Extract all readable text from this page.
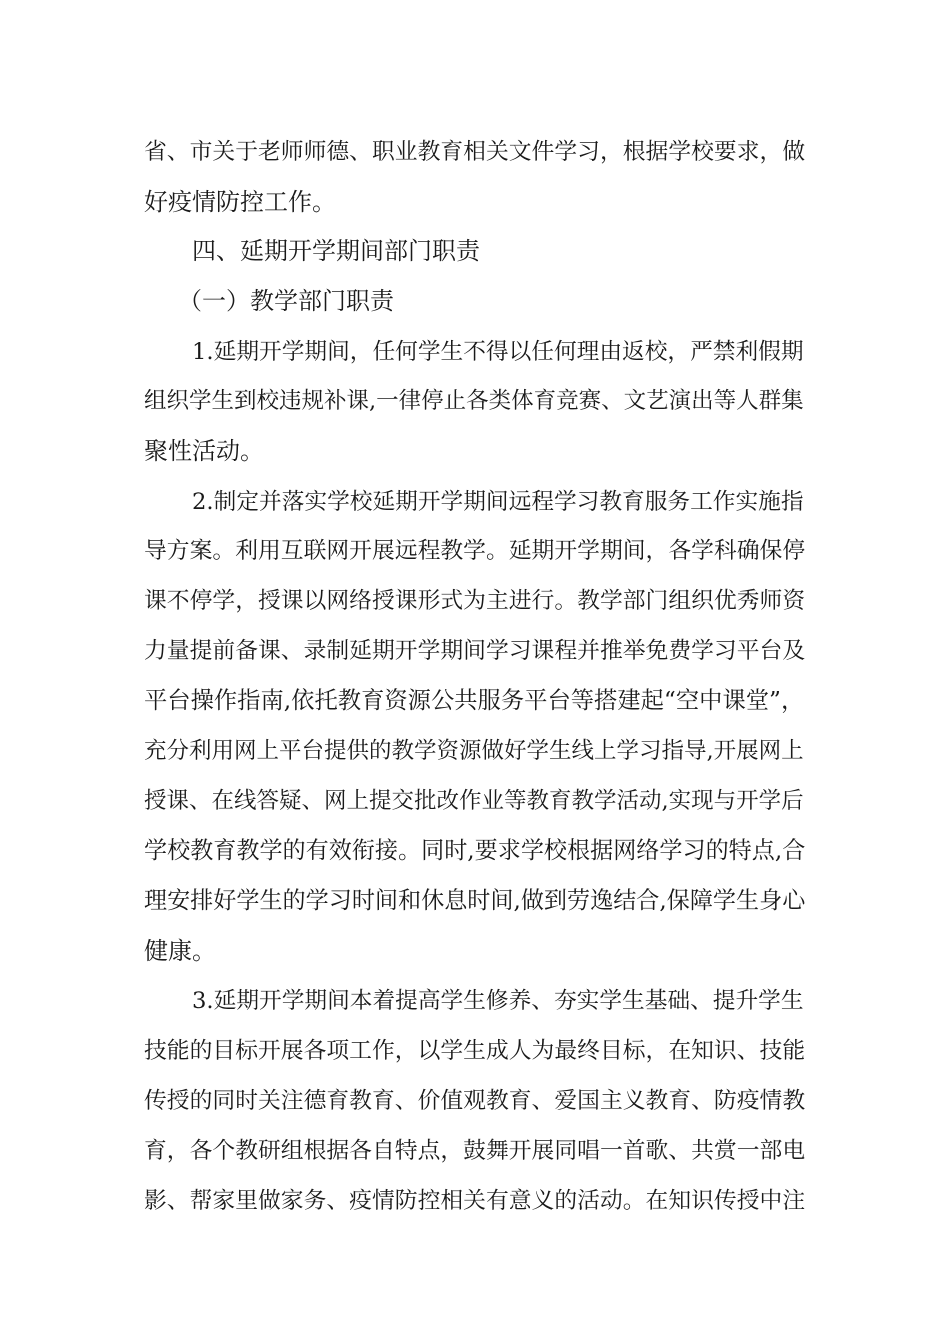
省、市关于老师师德、职业教育相关文件学习，根据学校要求，做

好疫情防控工作。

四、延期开学期间部门职责

（一）教学部门职责

1.延期开学期间，任何学生不得以任何理由返校，严禁利假期

组织学生到校违规补课,一律停止各类体育竞赛、文艺演出等人群集

聚性活动。

2.制定并落实学校延期开学期间远程学习教育服务工作实施指

导方案。利用互联网开展远程教学。延期开学期间，各学科确保停

课不停学，授课以网络授课形式为主进行。教学部门组织优秀师资

力量提前备课、录制延期开学期间学习课程并推举免费学习平台及

平台操作指南,依托教育资源公共服务平台等搭建起“空中课堂”，

充分利用网上平台提供的教学资源做好学生线上学习指导,开展网上

授课、在线答疑、网上提交批改作业等教育教学活动,实现与开学后

学校教育教学的有效衔接。同时,要求学校根据网络学习的特点,合

理安排好学生的学习时间和休息时间,做到劳逸结合,保障学生身心

健康。

3.延期开学期间本着提高学生修养、夯实学生基础、提升学生

技能的目标开展各项工作，以学生成人为最终目标，在知识、技能

传授的同时关注德育教育、价值观教育、爱国主义教育、防疫情教

育，各个教研组根据各自特点，鼓舞开展同唱一首歌、共赏一部电

影、帮家里做家务、疫情防控相关有意义的活动。在知识传授中注
